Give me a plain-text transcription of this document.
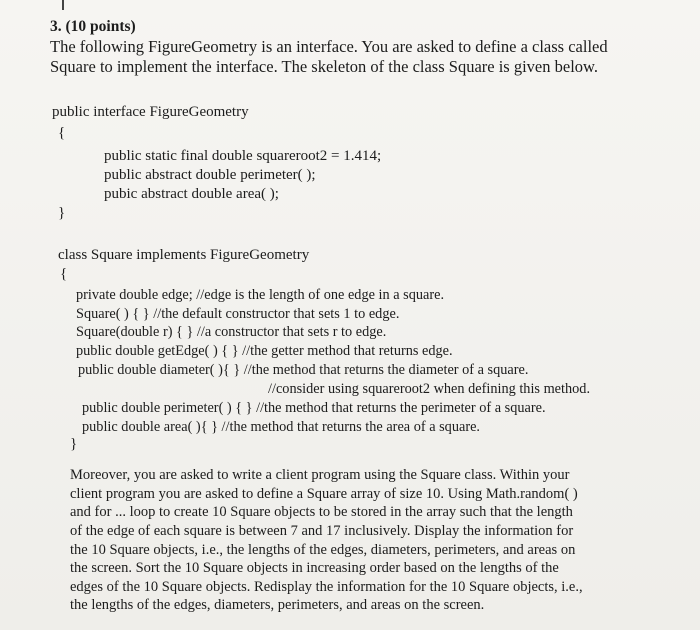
3. (10 points)
The following FigureGeometry is an interface. You are asked to define a class called
Square to implement the interface. The skeleton of the class Square is given below.
public interface FigureGeometry
{
public static final double squareroot2 = 1.414;
public abstract double perimeter( );
pubic abstract double area( );
}
class Square implements FigureGeometry
{
private double edge; //edge is the length of one edge in a square.
Square( ) { } //the default constructor that sets 1 to edge.
Square(double r) { } //a constructor that sets r to edge.
public double getEdge( ) { } //the getter method that returns edge.
public double diameter( ){ } //the method that returns the diameter of a square.
//consider using squareroot2 when defining this method.
public double perimeter( ) { } //the method that returns the perimeter of a square.
public double area( ){ } //the method that returns the area of a square.
}
Moreover, you are asked to write a client program using the Square class. Within your
client program you are asked to define a Square array of size 10. Using Math.random( )
and for ... loop to create 10 Square objects to be stored in the array such that the length
of the edge of each square is between 7 and 17 inclusively. Display the information for
the 10 Square objects, i.e., the lengths of the edges, diameters, perimeters, and areas on
the screen. Sort the 10 Square objects in increasing order based on the lengths of the
edges of the 10 Square objects. Redisplay the information for the 10 Square objects, i.e.,
the lengths of the edges, diameters, perimeters, and areas on the screen.
